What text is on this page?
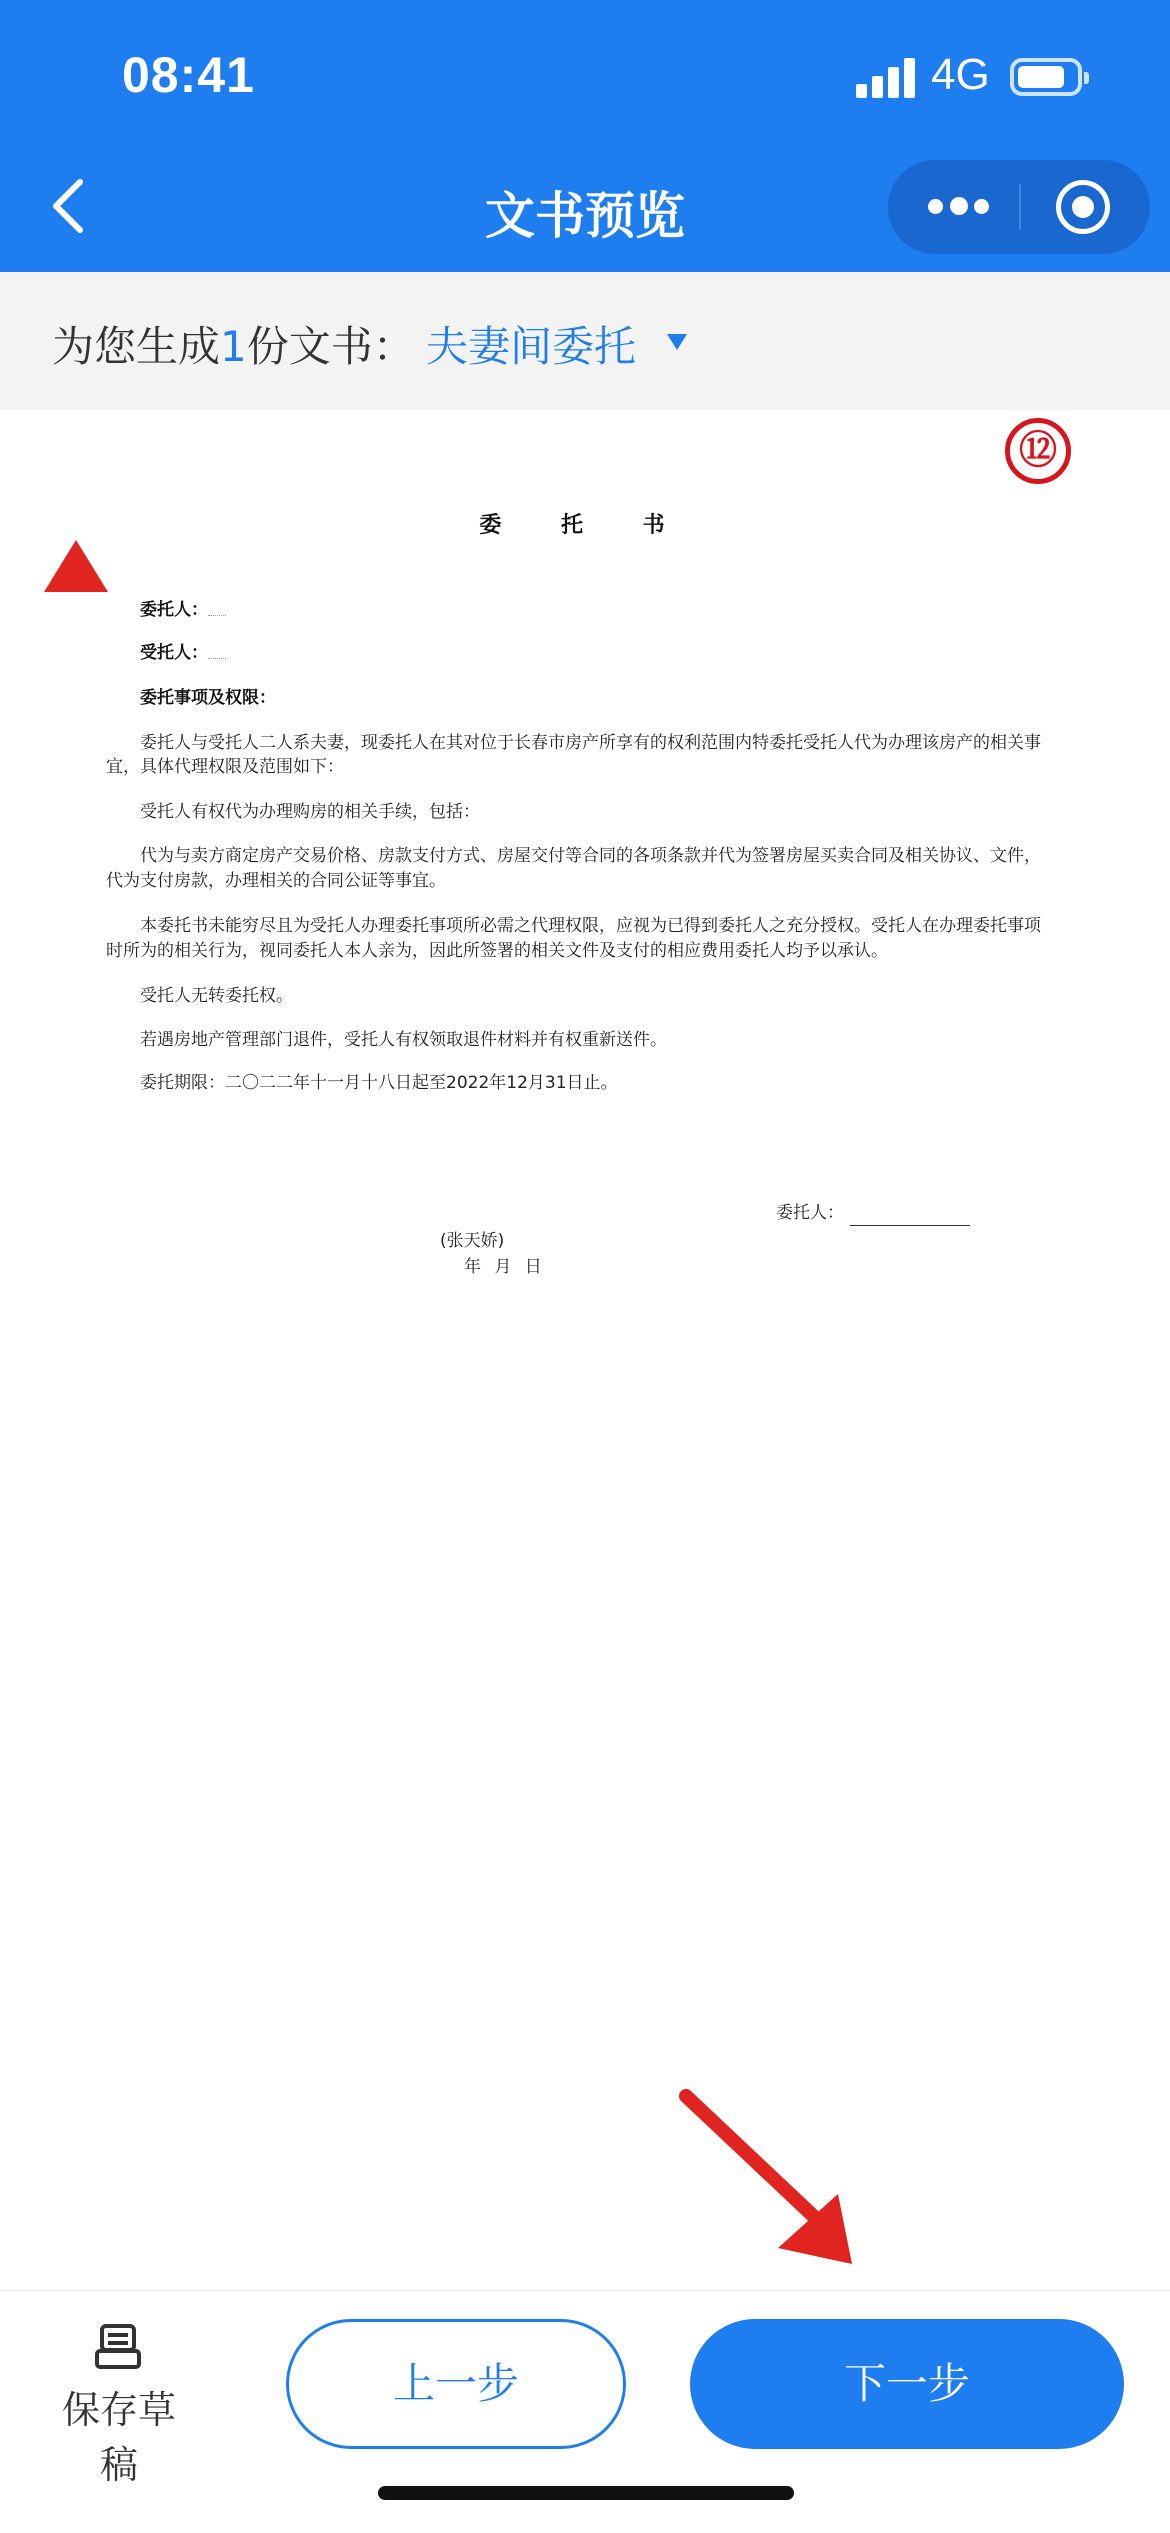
08:41	4G
文书预览
为您生成1份文书： 夫妻间委托
⑫
委 托 书
委托人：
受托人：
委托事项及权限：
委托人与受托人二人系夫妻，现委托人在其对位于长春市房产所享有的权利范围内特委托受托人代为办理该房产的相关事
宜，具体代理权限及范围如下：
受托人有权代为办理购房的相关手续，包括：
代为与卖方商定房产交易价格、房款支付方式、房屋交付等合同的各项条款并代为签署房屋买卖合同及相关协议、文件，
代为支付房款，办理相关的合同公证等事宜。
本委托书未能穷尽且为受托人办理委托事项所必需之代理权限，应视为已得到委托人之充分授权。受托人在办理委托事项
时所为的相关行为，视同委托人本人亲为，因此所签署的相关文件及支付的相应费用委托人均予以承认。
受托人无转委托权。
若遇房地产管理部门退件，受托人有权领取退件材料并有权重新送件。
委托期限：二〇二二年十一月十八日起至2022年12月31日止。
委托人：
(张天娇)
年 月 日
保存草稿
上一步	下一步
